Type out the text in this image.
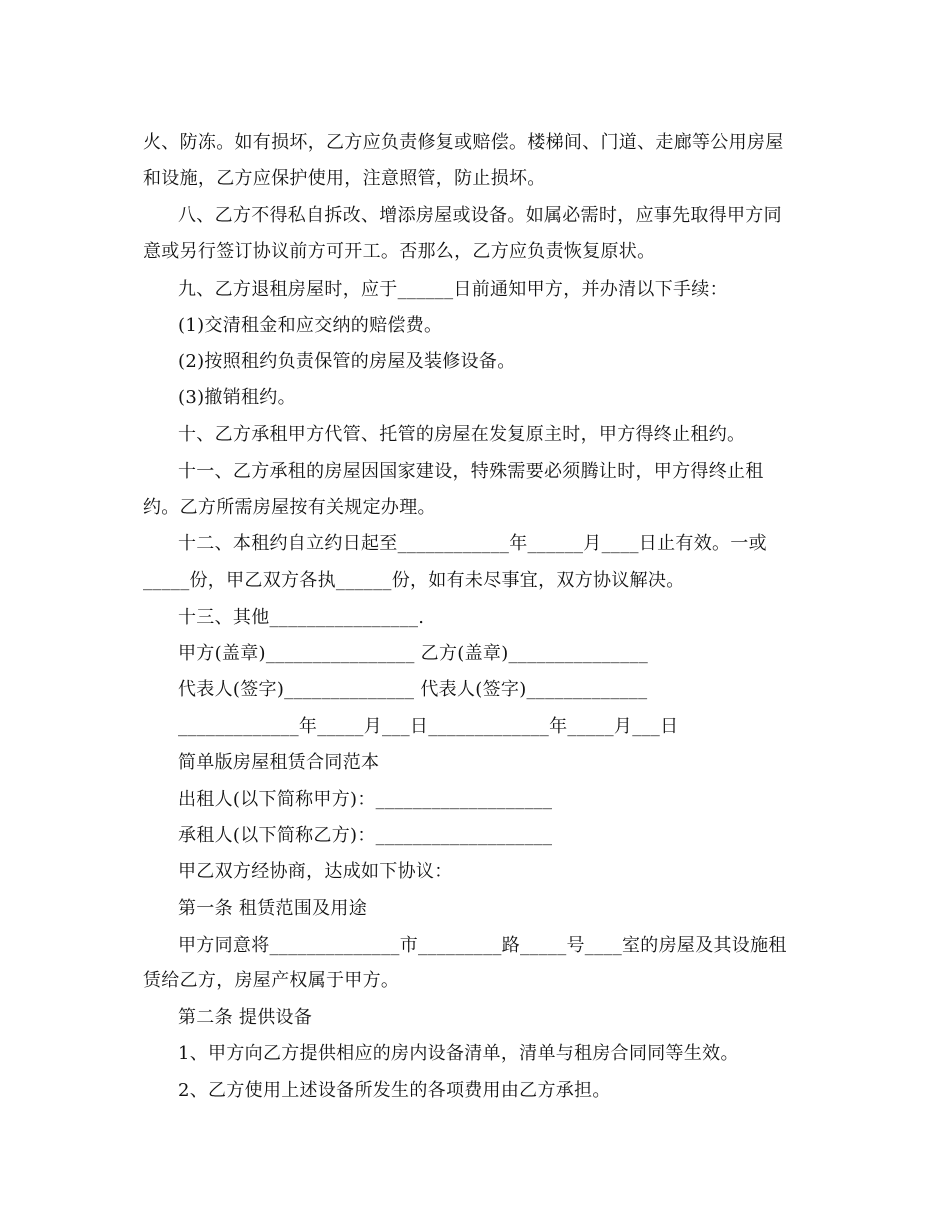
火、防冻。如有损坏，乙方应负责修复或赔偿。楼梯间、门道、走廊等公用房屋
和设施，乙方应保护使用，注意照管，防止损坏。
八、乙方不得私自拆改、增添房屋或设备。如属必需时，应事先取得甲方同
意或另行签订协议前方可开工。否那么，乙方应负责恢复原状。
九、乙方退租房屋时，应于______日前通知甲方，并办清以下手续：
(1)交清租金和应交纳的赔偿费。
(2)按照租约负责保管的房屋及装修设备。
(3)撤销租约。
十、乙方承租甲方代管、托管的房屋在发复原主时，甲方得终止租约。
十一、乙方承租的房屋因国家建设，特殊需要必须腾让时，甲方得终止租
约。乙方所需房屋按有关规定办理。
十二、本租约自立约日起至____________年______月____日止有效。一或
_____份，甲乙双方各执______份，如有未尽事宜，双方协议解决。
十三、其他________________.
甲方(盖章)________________ 乙方(盖章)_______________
代表人(签字)______________ 代表人(签字)_____________
_____________年_____月___日_____________年_____月___日
简单版房屋租赁合同范本
出租人(以下简称甲方)：___________________
承租人(以下简称乙方)：___________________
甲乙双方经协商，达成如下协议：
第一条 租赁范围及用途
甲方同意将______________市_________路_____号____室的房屋及其设施租
赁给乙方，房屋产权属于甲方。
第二条 提供设备
1、甲方向乙方提供相应的房内设备清单，清单与租房合同同等生效。
2、乙方使用上述设备所发生的各项费用由乙方承担。
